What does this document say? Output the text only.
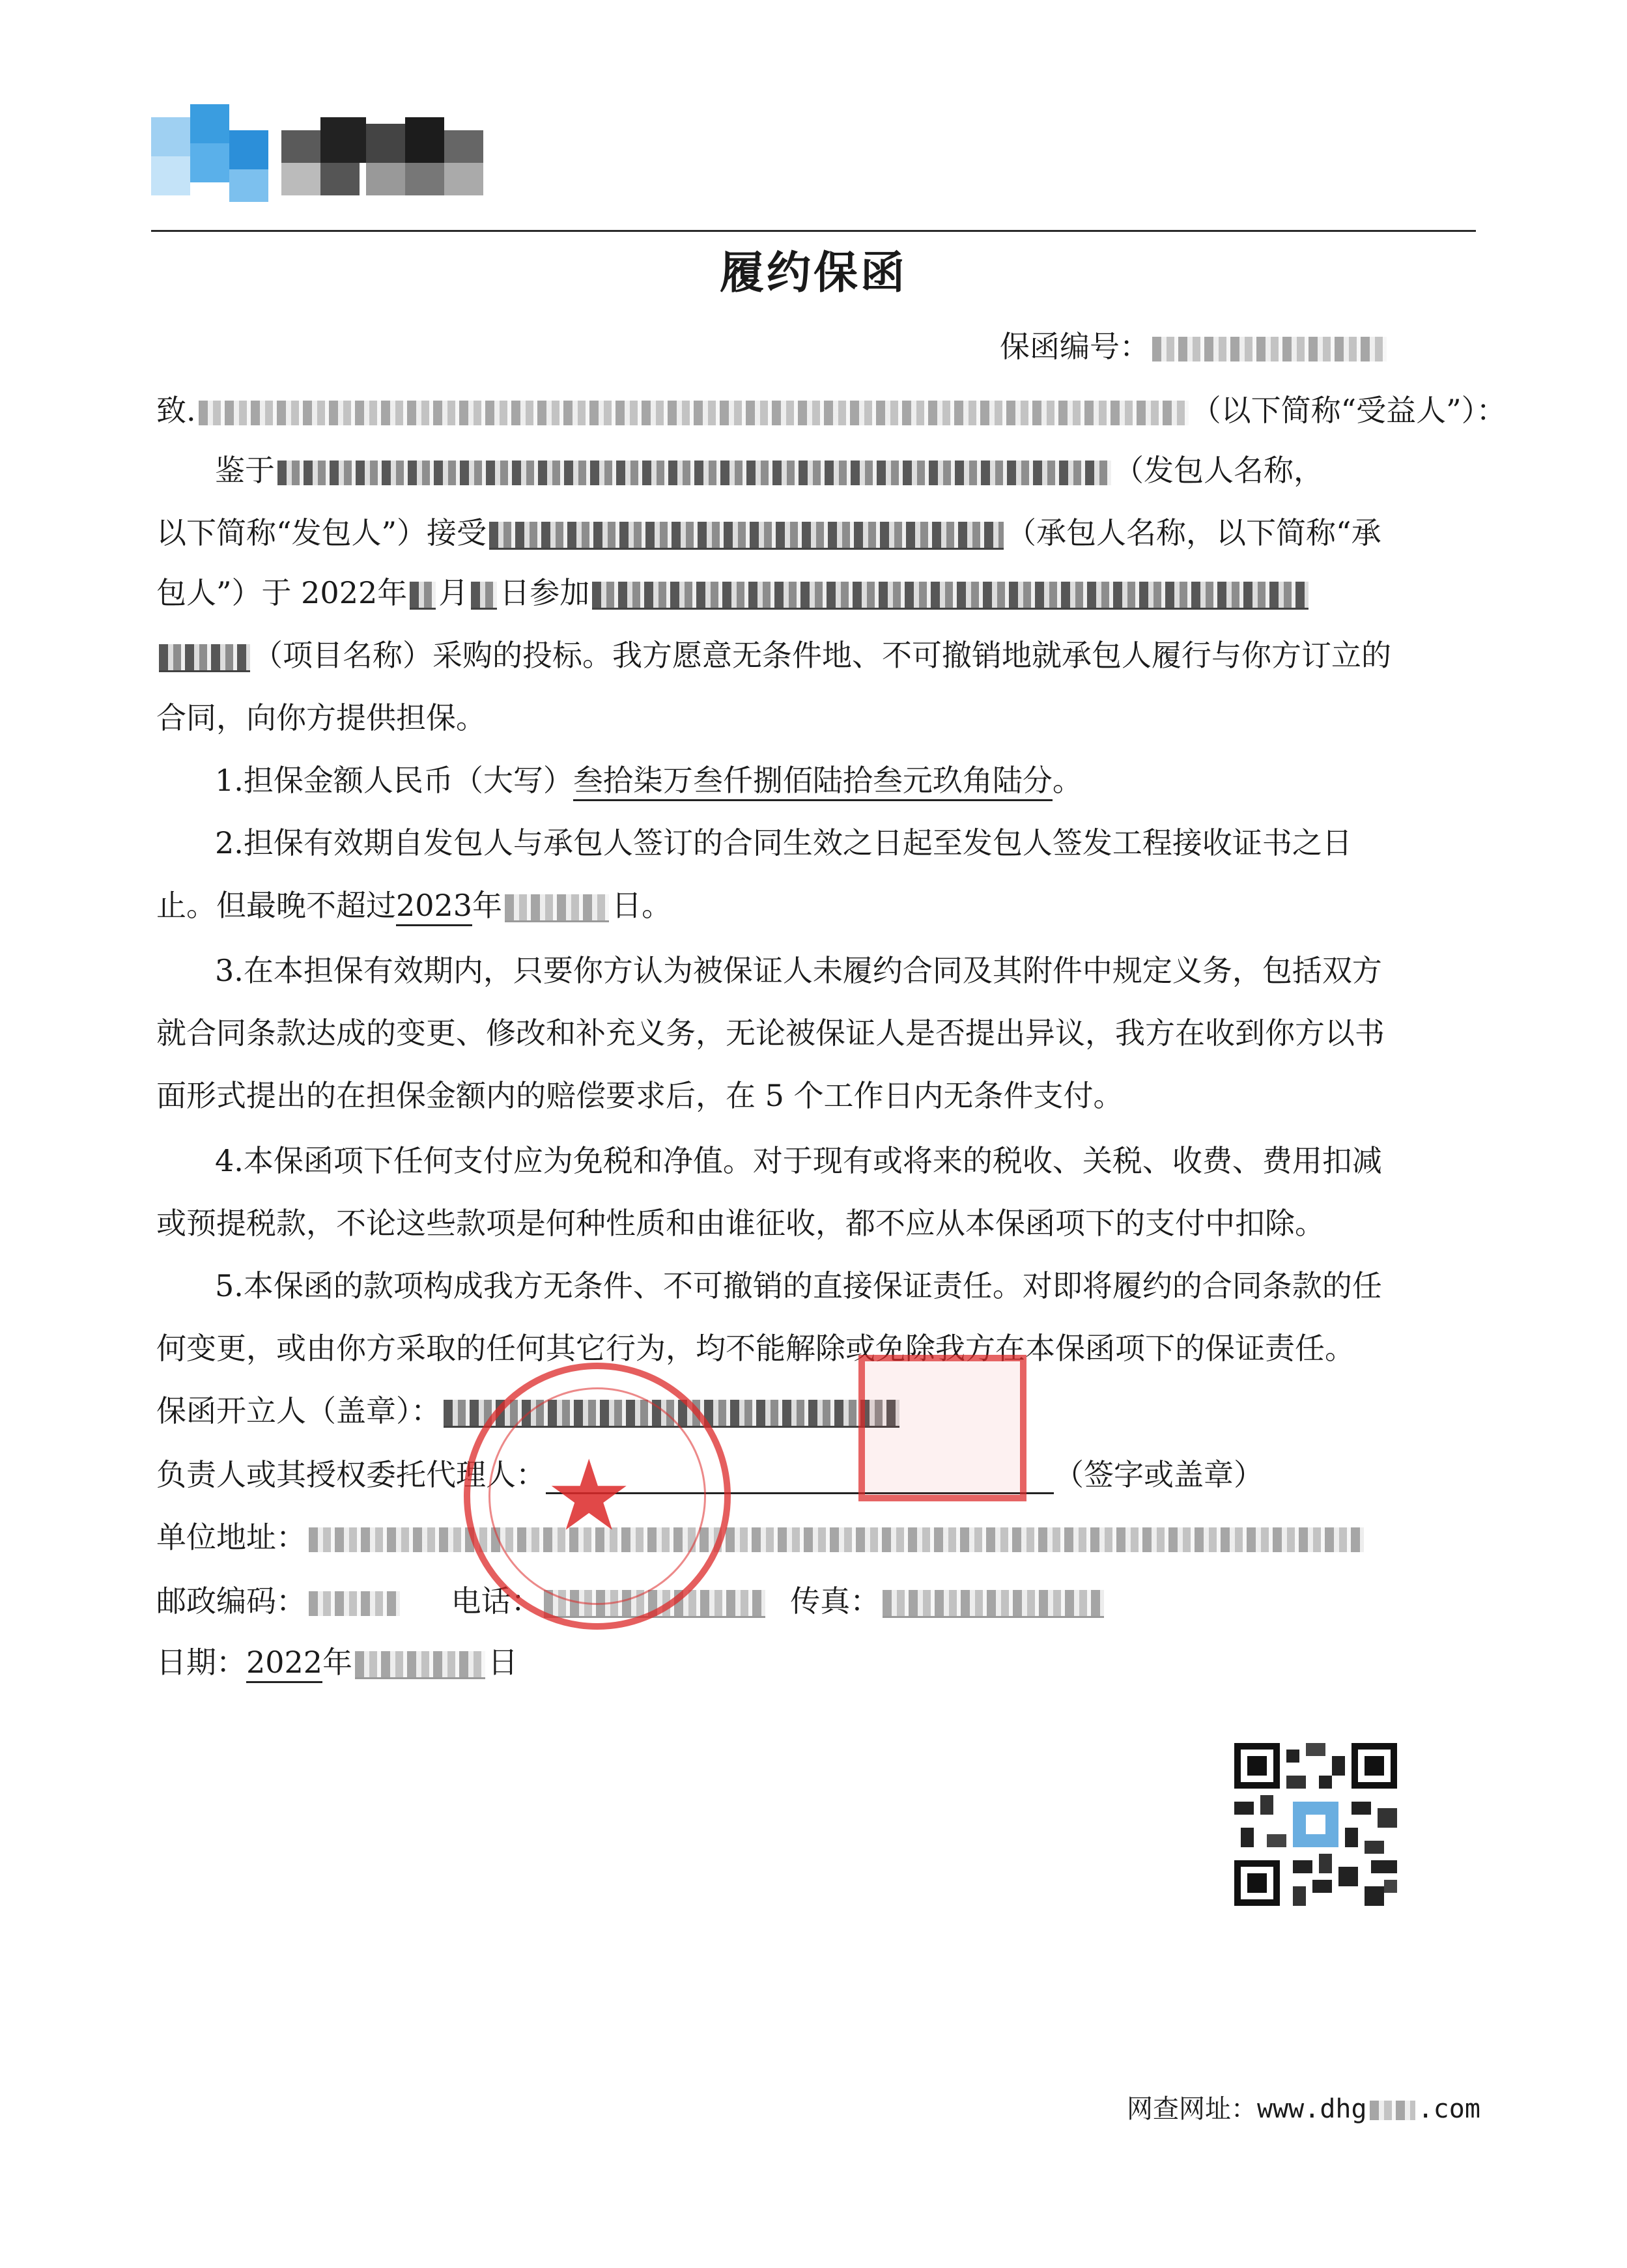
履约保函
保函编号：
致.	（以下简称“受益人”）：
鉴于	（发包人名称，
以下简称“发包人”）接受	（承包人名称，以下简称“承
包人”）于 2022年 月 日参加
（项目名称）采购的投标。我方愿意无条件地、不可撤销地就承包人履行与你方订立的
合同，向你方提供担保。
1.担保金额人民币（大写）叁拾柒万叁仟捌佰陆拾叁元玖角陆分。
2.担保有效期自发包人与承包人签订的合同生效之日起至发包人签发工程接收证书之日
止。但最晚不超过2023年	日。
3.在本担保有效期内，只要你方认为被保证人未履约合同及其附件中规定义务，包括双方
就合同条款达成的变更、修改和补充义务，无论被保证人是否提出异议，我方在收到你方以书
面形式提出的在担保金额内的赔偿要求后，在 5 个工作日内无条件支付。
4.本保函项下任何支付应为免税和净值。对于现有或将来的税收、关税、收费、费用扣减
或预提税款，不论这些款项是何种性质和由谁征收，都不应从本保函项下的支付中扣除。
5.本保函的款项构成我方无条件、不可撤销的直接保证责任。对即将履约的合同条款的任
何变更，或由你方采取的任何其它行为，均不能解除或免除我方在本保函项下的保证责任。
保函开立人（盖章）：
负责人或其授权委托代理人：	（签字或盖章）
单位地址：
邮政编码：	电话：	传真：
日期：2022年	日
★
网查网址：www.dhg .com
